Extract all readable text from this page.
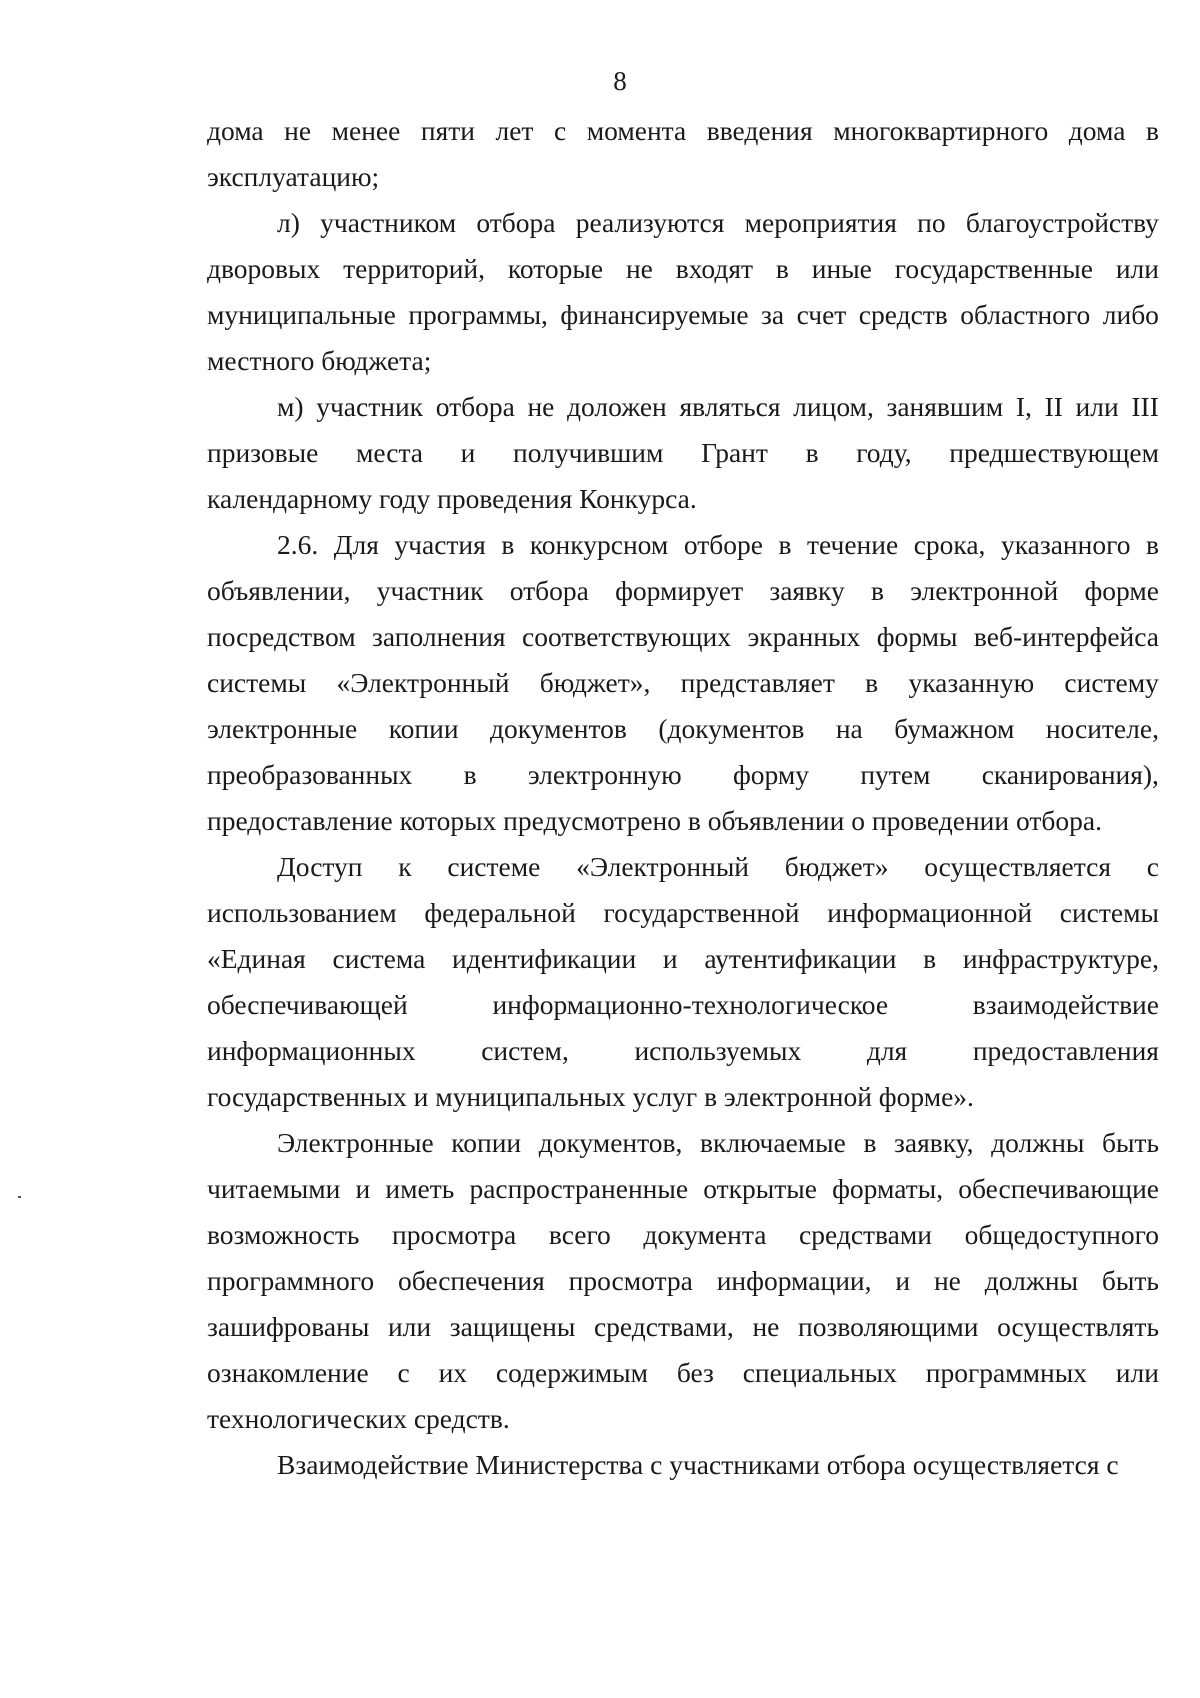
8
дома не менее пяти лет с момента введения многоквартирного дома в
эксплуатацию;
л) участником отбора реализуются мероприятия по благоустройству
дворовых территорий, которые не входят в иные государственные или
муниципальные программы, финансируемые за счет средств областного либо
местного бюджета;
м) участник отбора не доложен являться лицом, занявшим I, II или III
призовые места и получившим Грант в году, предшествующем
календарному году проведения Конкурса.
2.6. Для участия в конкурсном отборе в течение срока, указанного в
объявлении, участник отбора формирует заявку в электронной форме
посредством заполнения соответствующих экранных формы веб-интерфейса
системы «Электронный бюджет», представляет в указанную систему
электронные копии документов (документов на бумажном носителе,
преобразованных в электронную форму путем сканирования),
предоставление которых предусмотрено в объявлении о проведении отбора.
Доступ к системе «Электронный бюджет» осуществляется с
использованием федеральной государственной информационной системы
«Единая система идентификации и аутентификации в инфраструктуре,
обеспечивающей	информационно-технологическое	взаимодействие
информационных систем, используемых для предоставления
государственных и муниципальных услуг в электронной форме».
Электронные копии документов, включаемые в заявку, должны быть
читаемыми и иметь распространенные открытые форматы, обеспечивающие
возможность просмотра всего документа средствами общедоступного
программного обеспечения просмотра информации, и не должны быть
зашифрованы или защищены средствами, не позволяющими осуществлять
ознакомление с их содержимым без специальных программных или
технологических средств.
Взаимодействие Министерства с участниками отбора осуществляется с
